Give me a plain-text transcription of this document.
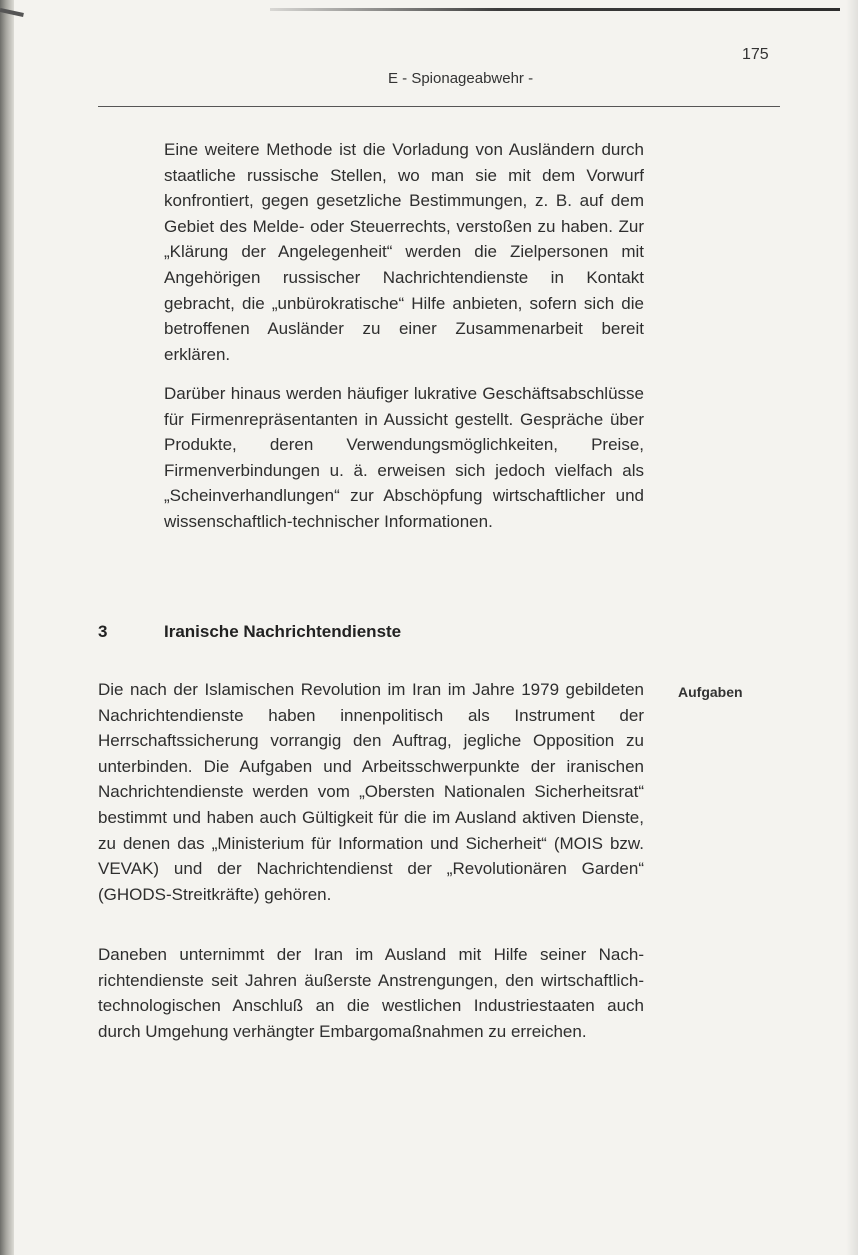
175
E - Spionageabwehr -

Eine weitere Methode ist die Vorladung von Ausländern durch staatliche russische Stellen, wo man sie mit dem Vorwurf konfrontiert, gegen gesetzliche Bestimmungen, z. B. auf dem Gebiet des Melde- oder Steuerrechts, verstoßen zu haben. Zur „Klärung der Angelegenheit“ werden die Zielpersonen mit Angehörigen russischer Nachrichtendienste in Kontakt gebracht, die „unbürokratische“ Hilfe anbieten, sofern sich die betroffenen Ausländer zu einer Zusammenarbeit bereit erklären.

Darüber hinaus werden häufiger lukrative Geschäftsabschlüsse für Firmenrepräsentanten in Aussicht gestellt. Gespräche über Produkte, deren Verwendungsmöglichkeiten, Preise, Firmenverbindungen u. ä. erweisen sich jedoch vielfach als „Scheinverhandlungen“ zur Abschöpfung wirtschaftlicher und wissenschaftlich-technischer Informationen.

3	Iranische Nachrichtendienste
Aufgaben

Die nach der Islamischen Revolution im Iran im Jahre 1979 gebildeten Nachrichtendienste haben innenpolitisch als Instrument der Herrschaftssicherung vorrangig den Auftrag, jegliche Opposition zu unterbinden. Die Aufgaben und Arbeitsschwerpunkte der iranischen Nachrichtendienste werden vom „Obersten Nationalen Sicherheitsrat“ bestimmt und haben auch Gültigkeit für die im Ausland aktiven Dienste, zu denen das „Ministerium für Information und Sicherheit“ (MOIS bzw. VEVAK) und der Nachrichtendienst der „Revolutionären Garden“ (GHODS-Streitkräfte) gehören.

Daneben unternimmt der Iran im Ausland mit Hilfe seiner Nachrichtendienste seit Jahren äußerste Anstrengungen, den wirtschaftlich-technologischen Anschluß an die westlichen Industriestaaten auch durch Umgehung verhängter Embargomaßnahmen zu erreichen.
